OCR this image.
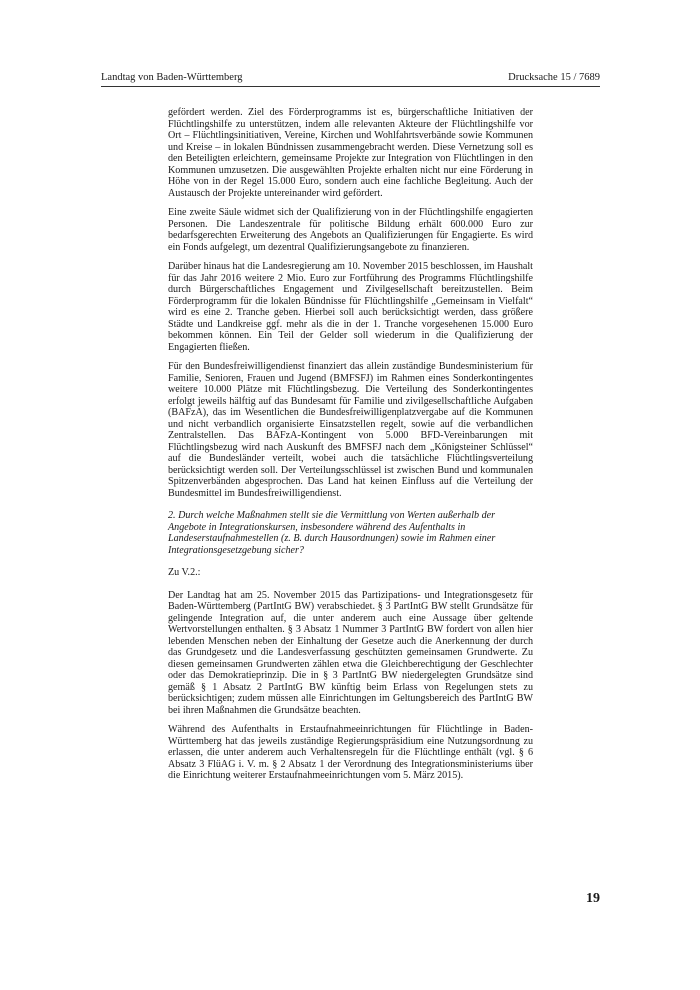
Landtag von Baden-Württemberg	Drucksache 15 / 7689

gefördert werden. Ziel des Förderprogramms ist es, bürgerschaftliche Initiativen der Flüchtlingshilfe zu unterstützen, indem alle relevanten Akteure der Flüchtlingshilfe vor Ort – Flüchtlingsinitiativen, Vereine, Kirchen und Wohlfahrtsverbände sowie Kommunen und Kreise – in lokalen Bündnissen zusammengebracht werden. Diese Vernetzung soll es den Beteiligten erleichtern, gemeinsame Projekte zur Integration von Flüchtlingen in den Kommunen umzusetzen. Die ausgewählten Projekte erhalten nicht nur eine Förderung in Höhe von in der Regel 15.000 Euro, sondern auch eine fachliche Begleitung. Auch der Austausch der Projekte untereinander wird gefördert.

Eine zweite Säule widmet sich der Qualifizierung von in der Flüchtlingshilfe engagierten Personen. Die Landeszentrale für politische Bildung erhält 600.000 Euro zur bedarfsgerechten Erweiterung des Angebots an Qualifizierungen für Engagierte. Es wird ein Fonds aufgelegt, um dezentral Qualifizierungsangebote zu finanzieren.

Darüber hinaus hat die Landesregierung am 10. November 2015 beschlossen, im Haushalt für das Jahr 2016 weitere 2 Mio. Euro zur Fortführung des Programms Flüchtlingshilfe durch Bürgerschaftliches Engagement und Zivilgesellschaft bereitzustellen. Beim Förderprogramm für die lokalen Bündnisse für Flüchtlingshilfe „Gemeinsam in Vielfalt“ wird es eine 2. Tranche geben. Hierbei soll auch berücksichtigt werden, dass größere Städte und Landkreise ggf. mehr als die in der 1. Tranche vorgesehenen 15.000 Euro bekommen können. Ein Teil der Gelder soll wiederum in die Qualifizierung der Engagierten fließen.

Für den Bundesfreiwilligendienst finanziert das allein zuständige Bundesministerium für Familie, Senioren, Frauen und Jugend (BMFSFJ) im Rahmen eines Sonderkontingentes weitere 10.000 Plätze mit Flüchtlingsbezug. Die Verteilung des Sonderkontingentes erfolgt jeweils hälftig auf das Bundesamt für Familie und zivilgesellschaftliche Aufgaben (BAFzA), das im Wesentlichen die Bundesfreiwilligenplatzvergabe auf die Kommunen und nicht verbandlich organisierte Einsatzstellen regelt, sowie auf die verbandlichen Zentralstellen. Das BAFzA-Kontingent von 5.000 BFD-Vereinbarungen mit Flüchtlingsbezug wird nach Auskunft des BMFSFJ nach dem „Königsteiner Schlüssel“ auf die Bundesländer verteilt, wobei auch die tatsächliche Flüchtlingsverteilung berücksichtigt werden soll. Der Verteilungsschlüssel ist zwischen Bund und kommunalen Spitzenverbänden abgesprochen. Das Land hat keinen Einfluss auf die Verteilung der Bundesmittel im Bundesfreiwilligendienst.

2. Durch welche Maßnahmen stellt sie die Vermittlung von Werten außerhalb der Angebote in Integrationskursen, insbesondere während des Aufenthalts in Landeserstaufnahmestellen (z. B. durch Hausordnungen) sowie im Rahmen einer Integrationsgesetzgebung sicher?

Zu V.2.:

Der Landtag hat am 25. November 2015 das Partizipations- und Integrationsgesetz für Baden-Württemberg (PartIntG BW) verabschiedet. § 3 PartIntG BW stellt Grundsätze für gelingende Integration auf, die unter anderem auch eine Aussage über geltende Wertvorstellungen enthalten. § 3 Absatz 1 Nummer 3 PartIntG BW fordert von allen hier lebenden Menschen neben der Einhaltung der Gesetze auch die Anerkennung der durch das Grundgesetz und die Landesverfassung geschützten gemeinsamen Grundwerte. Zu diesen gemeinsamen Grundwerten zählen etwa die Gleichberechtigung der Geschlechter oder das Demokratieprinzip. Die in § 3 PartIntG BW niedergelegten Grundsätze sind gemäß § 1 Absatz 2 PartIntG BW künftig beim Erlass von Regelungen stets zu berücksichtigen; zudem müssen alle Einrichtungen im Geltungsbereich des PartIntG BW bei ihren Maßnahmen die Grundsätze beachten.

Während des Aufenthalts in Erstaufnahmeeinrichtungen für Flüchtlinge in Baden-Württemberg hat das jeweils zuständige Regierungspräsidium eine Nutzungsordnung zu erlassen, die unter anderem auch Verhaltensregeln für die Flüchtlinge enthält (vgl. § 6 Absatz 3 FlüAG i. V. m. § 2 Absatz 1 der Verordnung des Integrationsministeriums über die Einrichtung weiterer Erstaufnahmeeinrichtungen vom 5. März 2015).

19
